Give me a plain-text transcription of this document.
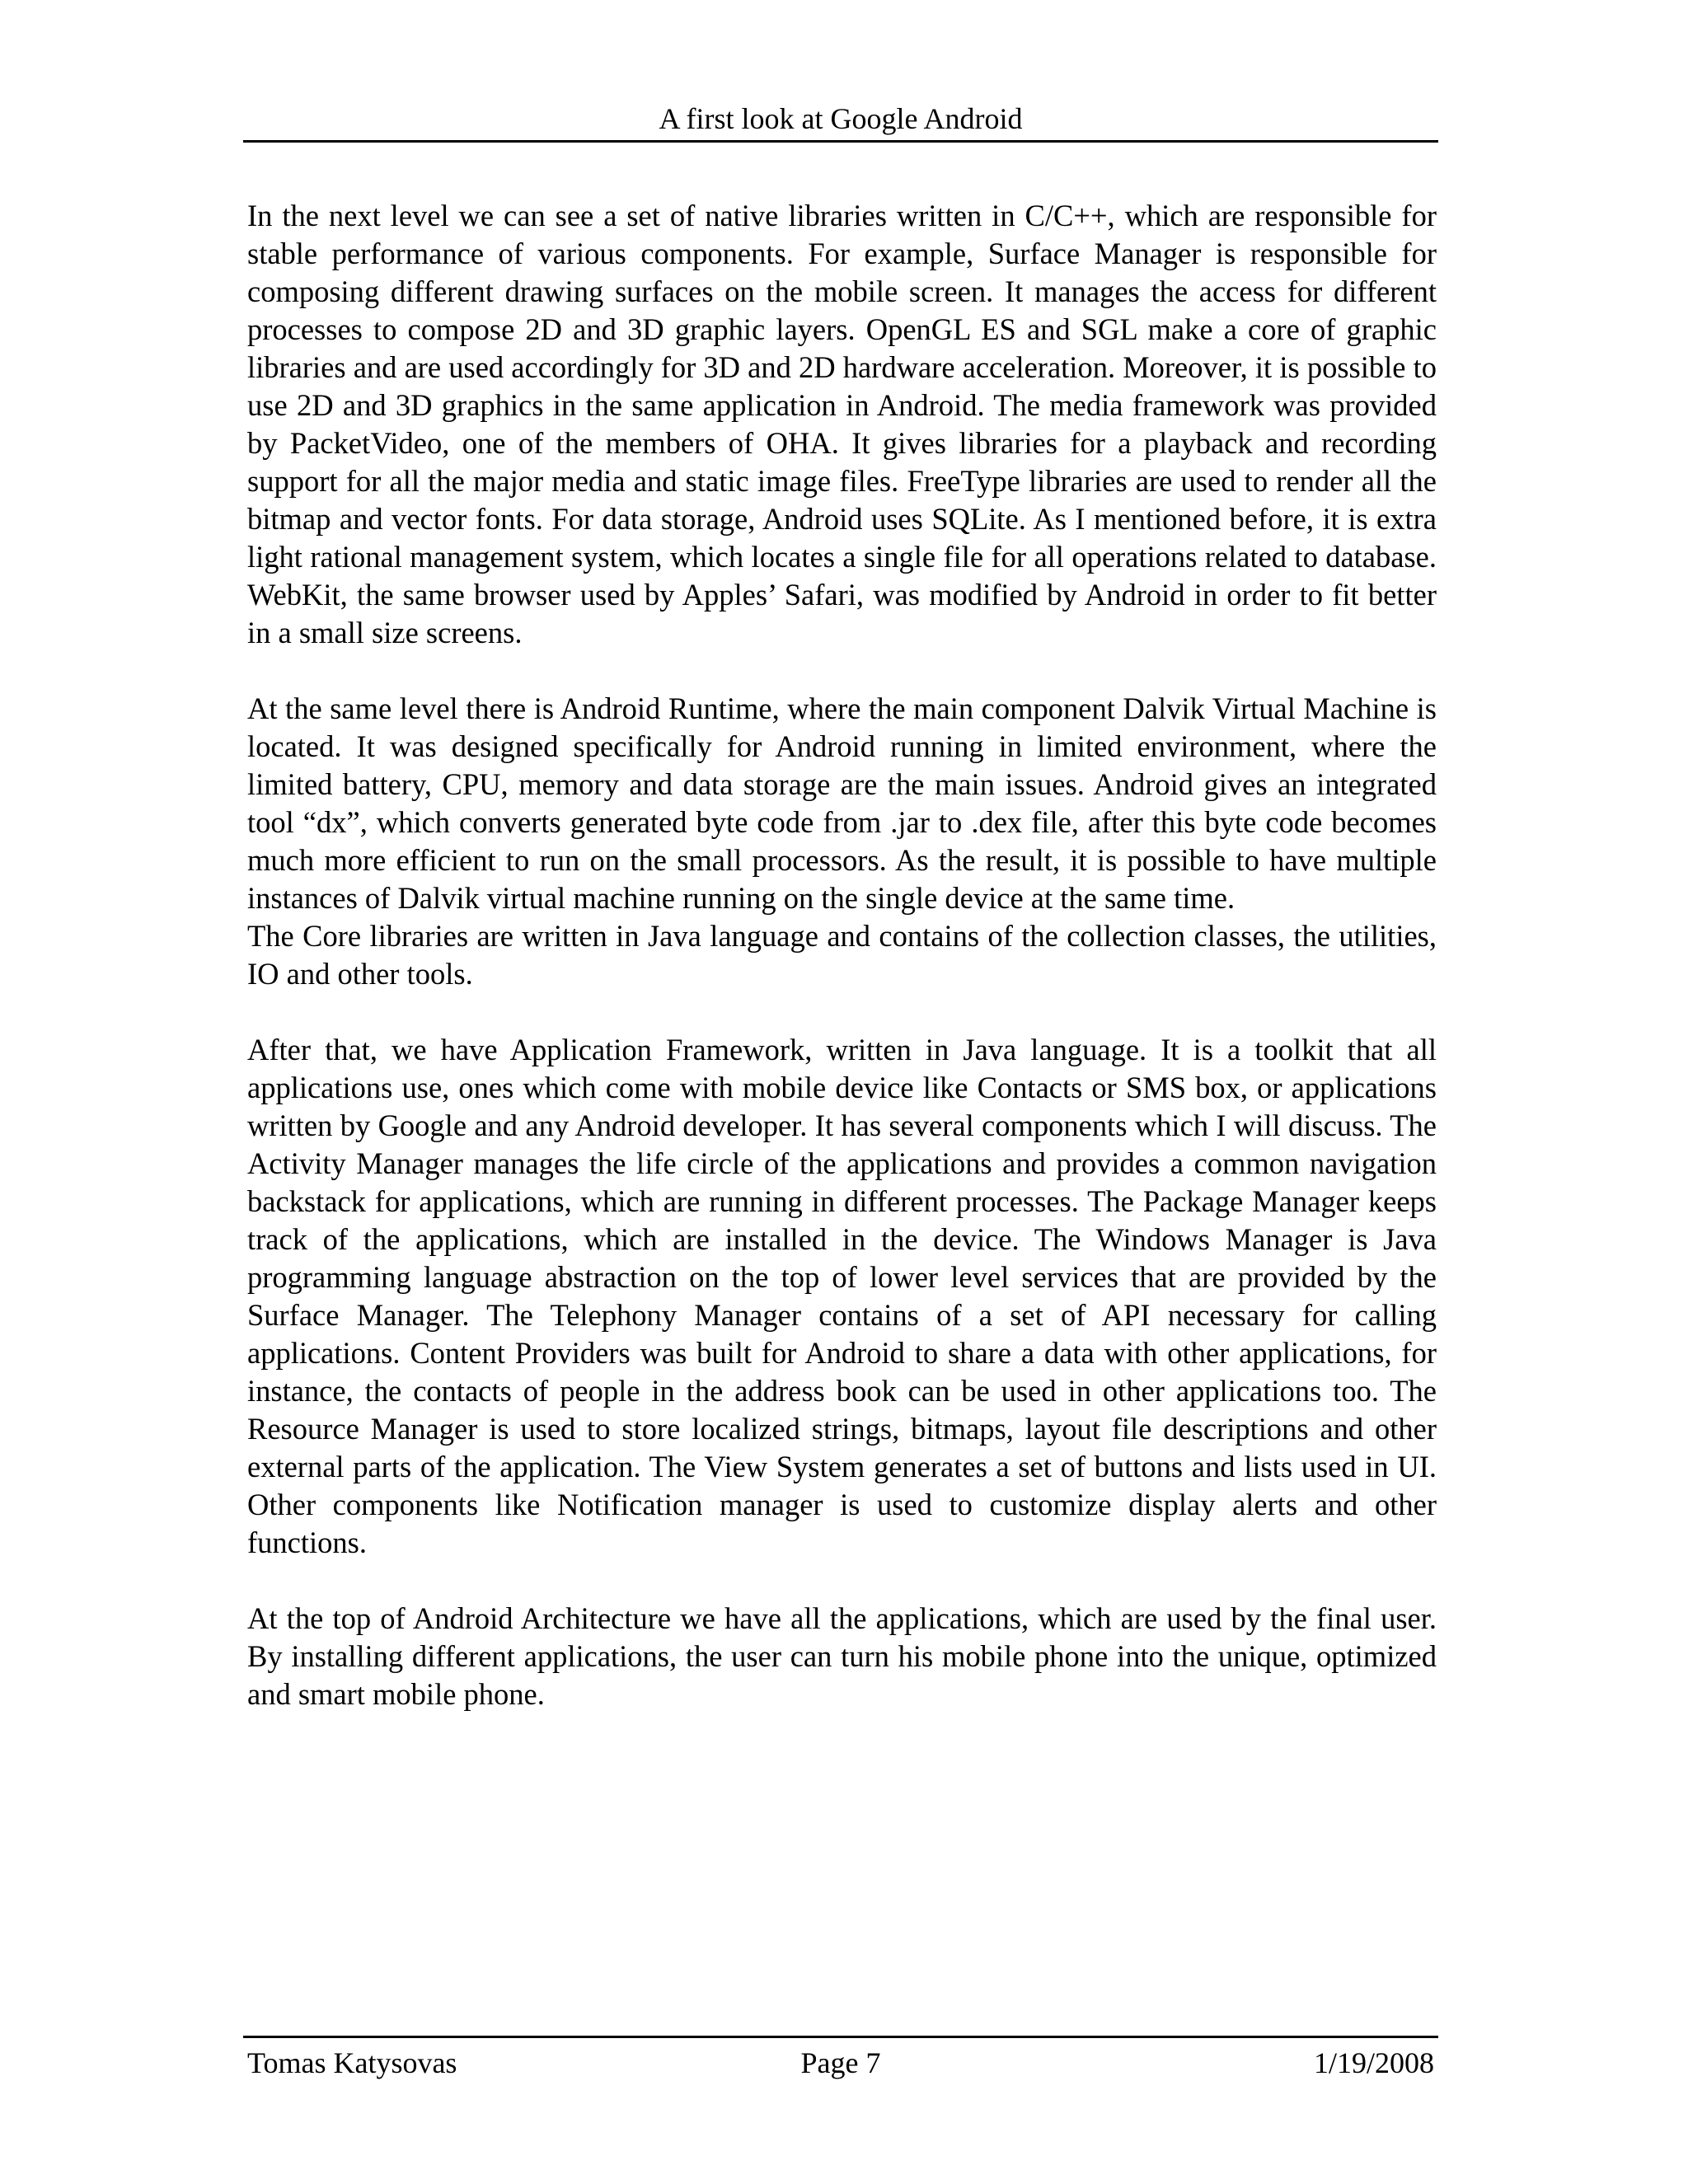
A first look at Google Android

In the next level we can see a set of native libraries written in C/C++, which are responsible for stable performance of various components. For example, Surface Manager is responsible for composing different drawing surfaces on the mobile screen. It manages the access for different processes to compose 2D and 3D graphic layers. OpenGL ES and SGL make a core of graphic libraries and are used accordingly for 3D and 2D hardware acceleration. Moreover, it is possible to use 2D and 3D graphics in the same application in Android. The media framework was provided by PacketVideo, one of the members of OHA. It gives libraries for a playback and recording support for all the major media and static image files. FreeType libraries are used to render all the bitmap and vector fonts. For data storage, Android uses SQLite. As I mentioned before, it is extra light rational management system, which locates a single file for all operations related to database. WebKit, the same browser used by Apples’ Safari, was modified by Android in order to fit better in a small size screens.

At the same level there is Android Runtime, where the main component Dalvik Virtual Machine is located. It was designed specifically for Android running in limited environment, where the limited battery, CPU, memory and data storage are the main issues. Android gives an integrated tool “dx”, which converts generated byte code from .jar to .dex file, after this byte code becomes much more efficient to run on the small processors. As the result, it is possible to have multiple instances of Dalvik virtual machine running on the single device at the same time.

The Core libraries are written in Java language and contains of the collection classes, the utilities, IO and other tools.

After that, we have Application Framework, written in Java language. It is a toolkit that all applications use, ones which come with mobile device like Contacts or SMS box, or applications written by Google and any Android developer. It has several components which I will discuss. The Activity Manager manages the life circle of the applications and provides a common navigation backstack for applications, which are running in different processes. The Package Manager keeps track of the applications, which are installed in the device. The Windows Manager is Java programming language abstraction on the top of lower level services that are provided by the Surface Manager. The Telephony Manager contains of a set of API necessary for calling applications. Content Providers was built for Android to share a data with other applications, for instance, the contacts of people in the address book can be used in other applications too. The Resource Manager is used to store localized strings, bitmaps, layout file descriptions and other external parts of the application. The View System generates a set of buttons and lists used in UI. Other components like Notification manager is used to customize display alerts and other functions.

At the top of Android Architecture we have all the applications, which are used by the final user. By installing different applications, the user can turn his mobile phone into the unique, optimized and smart mobile phone.

Tomas Katysovas	Page 7	1/19/2008
